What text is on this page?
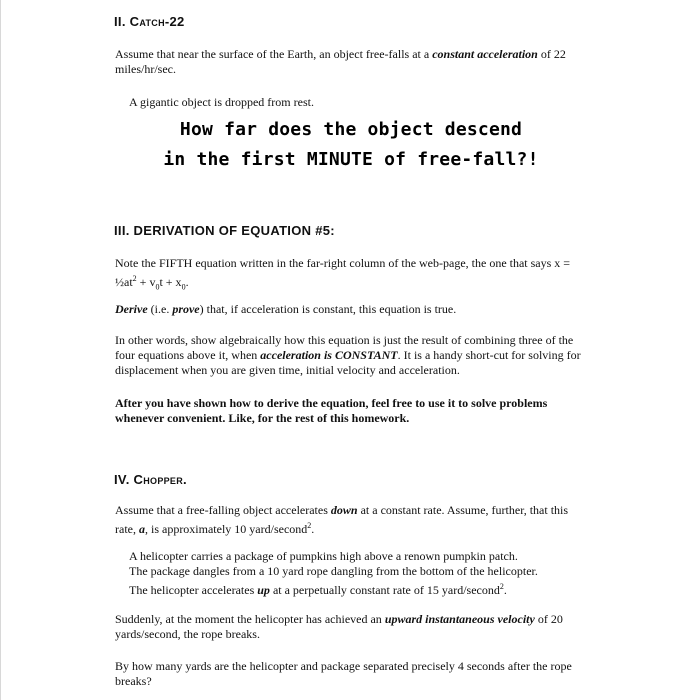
II. Catch-22

Assume that near the surface of the Earth, an object free-falls at a constant acceleration of 22 miles/hr/sec.

A gigantic object is dropped from rest.

How far does the object descend
in the first MINUTE of free-fall?!
III. DERIVATION OF EQUATION #5:

Note the FIFTH equation written in the far-right column of the web-page, the one that says $x = \frac{1}{2}at^2 + v_0t + x_0$.

Derive (i.e. prove) that, if acceleration is constant, this equation is true.

In other words, show algebraically how this equation is just the result of combining three of the four equations above it, when acceleration is CONSTANT. It is a handy short-cut for solving for displacement when you are given time, initial velocity and acceleration.

After you have shown how to derive the equation, feel free to use it to solve problems whenever convenient. Like, for the rest of this homework.

IV. Chopper.

Assume that a free-falling object accelerates down at a constant rate. Assume, further, that this rate, a, is approximately 10 yard/second$^2$.

A helicopter carries a package of pumpkins high above a renown pumpkin patch.
The package dangles from a 10 yard rope dangling from the bottom of the helicopter.
The helicopter accelerates up at a perpetually constant rate of 15 yard/second$^2$.

Suddenly, at the moment the helicopter has achieved an upward instantaneous velocity of 20 yards/second, the rope breaks.

By how many yards are the helicopter and package separated precisely 4 seconds after the rope breaks?
